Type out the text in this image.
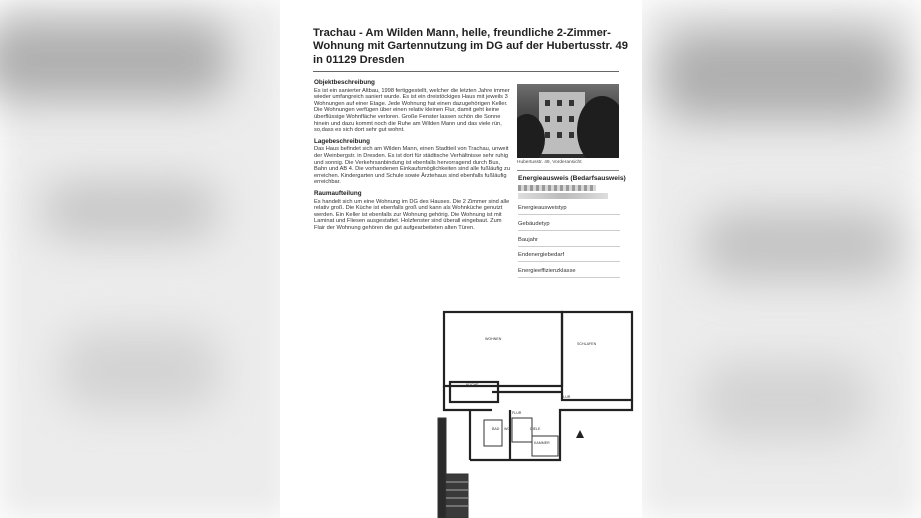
Trachau - Am Wilden Mann, helle, freundliche 2-Zimmer-Wohnung mit Gartennutzung im DG auf der Hubertusstr. 49 in 01129 Dresden
Objektbeschreibung

Es ist ein sanierter Altbau, 1998 fertiggestellt, welcher die letzten Jahre immer wieder umfangreich saniert wurde. Es ist ein dreistöckiges Haus mit jeweils 3 Wohnungen auf einer Etage. Jede Wohnung hat einen dazugehörigen Keller. Die Wohnungen verfügen über einen relativ kleinen Flur, damit geht keine überflüssige Wohnfläche verloren. Große Fenster lassen schön die Sonne hinein und dazu kommt noch die Ruhe am Wilden Mann und das viele rün, so,dass es sich dort sehr gut wohnt.

Lagebeschreibung

Das Haus befindet sich am Wilden Mann, einen Stadtteil von Trachau, unweit der Weinbergstr. in Dresden. Es ist dort für städtische Verhältnisse sehr ruhig und sonnig. Die Verkehrsanbindung ist ebenfalls hervorragend durch Bus, Bahn und AB 4. Die vorhandenen Einkaufsmöglichkeiten sind alle fußläufig zu erreichen. Kindergarten und Schule sowie Ärztehaus sind ebenfalls fußläufig erreichbar.

Raumaufteilung

Es handelt sich um eine Wohnung im DG des Hauses. Die 2 Zimmer sind alle relativ groß. Die Küche ist ebenfalls groß und kann als Wohnküche genutzt werden. Ein Keller ist ebenfalls zur Wohnung gehörig. Die Wohnung ist mit Laminat und Fliesen ausgestattet. Holzfenster sind überall eingebaut. Zum Flair der Wohnung gehören die gut aufgearbeiteten alten Türen.

Hubertusstr. 49, Vorderansicht
Energieausweis (Bedarfsausweis)
Energieausweistyp
Gebäudetyp
Baujahr
Endenergiebedarf
Energieeffizienzklasse
WOHNEN
SCHLAFEN
KÜCHE
FLUR
BAD WC	DIELE
KAMMER
FLUR
